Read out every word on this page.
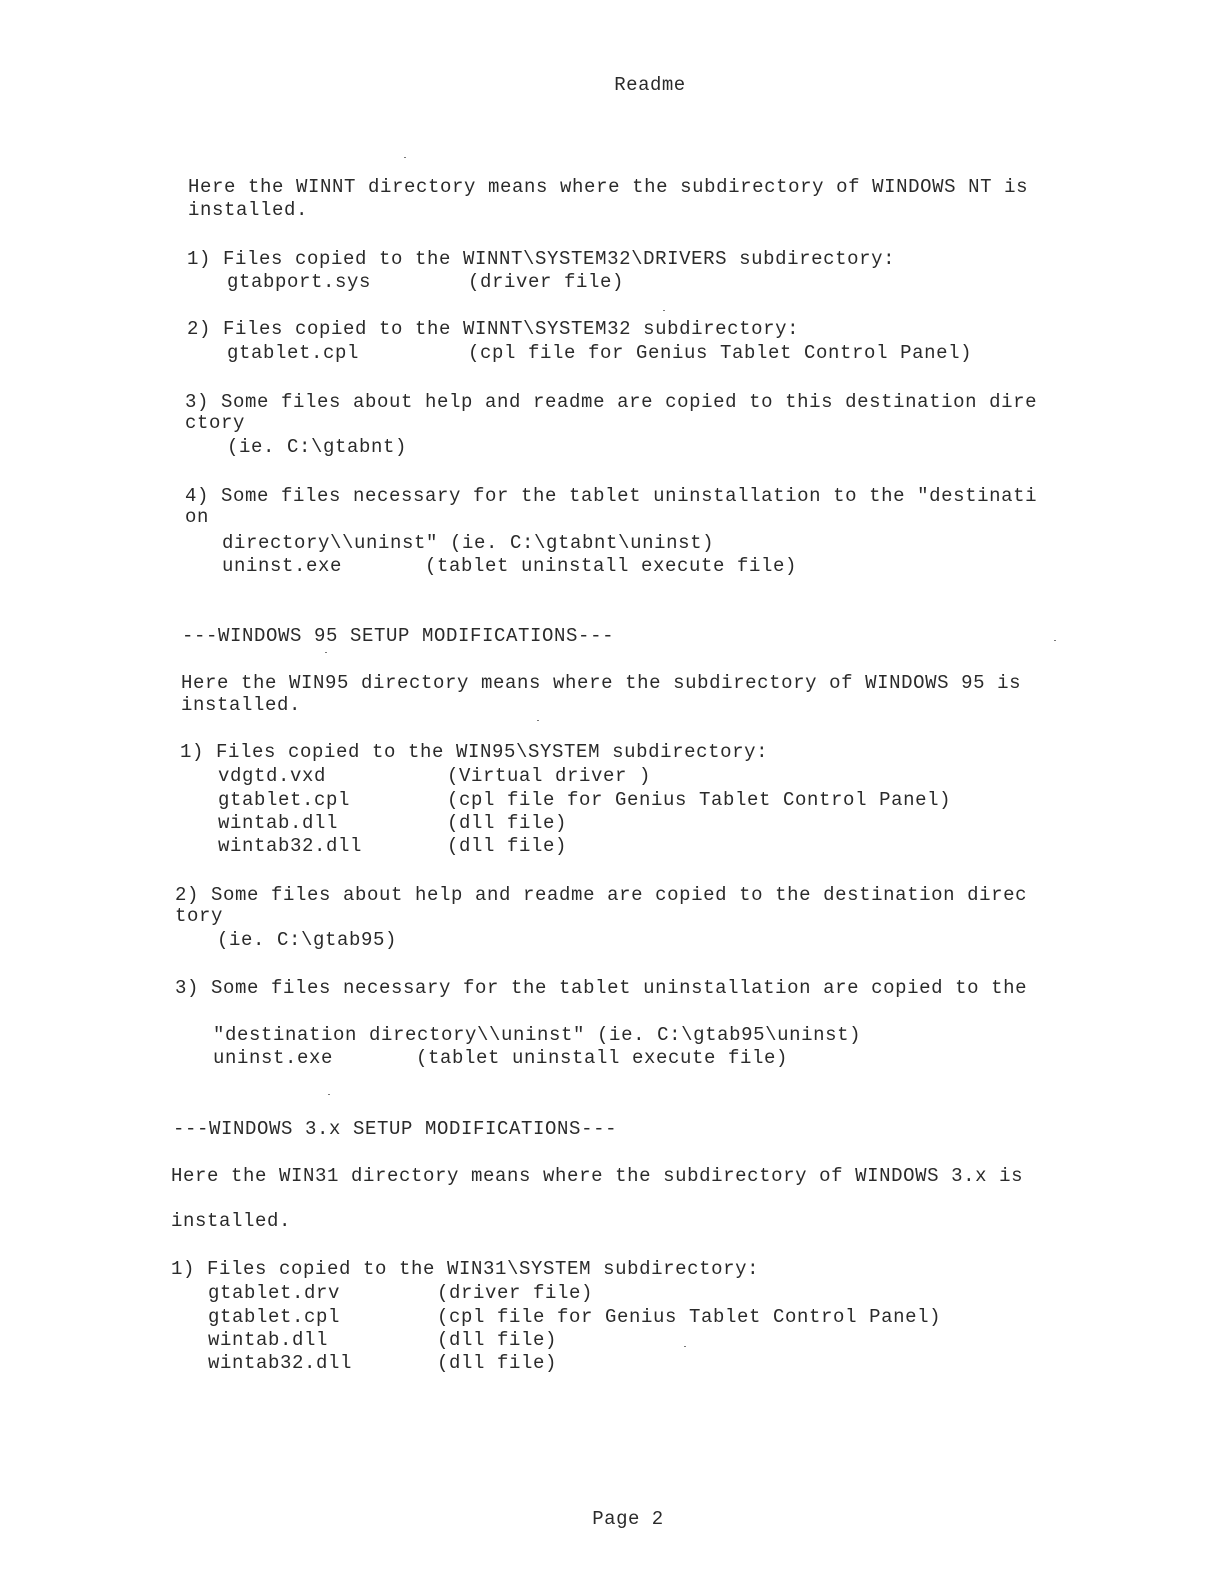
Readme
Here the WINNT directory means where the subdirectory of WINDOWS NT is
installed.
1) Files copied to the WINNT\SYSTEM32\DRIVERS subdirectory:
gtabport.sys	(driver file)
2) Files copied to the WINNT\SYSTEM32 subdirectory:
gtablet.cpl	(cpl file for Genius Tablet Control Panel)
3) Some files about help and readme are copied to this destination dire
ctory
(ie. C:\gtabnt)
4) Some files necessary for the tablet uninstallation to the "destinati
on
directory\\uninst" (ie. C:\gtabnt\uninst)
uninst.exe	(tablet uninstall execute file)
---WINDOWS 95 SETUP MODIFICATIONS---
Here the WIN95 directory means where the subdirectory of WINDOWS 95 is
installed.
1) Files copied to the WIN95\SYSTEM subdirectory:
vdgtd.vxd	(Virtual driver )
gtablet.cpl	(cpl file for Genius Tablet Control Panel)
wintab.dll	(dll file)
wintab32.dll	(dll file)
2) Some files about help and readme are copied to the destination direc
tory
(ie. C:\gtab95)
3) Some files necessary for the tablet uninstallation are copied to the
"destination directory\\uninst" (ie. C:\gtab95\uninst)
uninst.exe	(tablet uninstall execute file)
---WINDOWS 3.x SETUP MODIFICATIONS---
Here the WIN31 directory means where the subdirectory of WINDOWS 3.x is
installed.
1) Files copied to the WIN31\SYSTEM subdirectory:
gtablet.drv	(driver file)
gtablet.cpl	(cpl file for Genius Tablet Control Panel)
wintab.dll	(dll file)
wintab32.dll	(dll file)
Page 2
